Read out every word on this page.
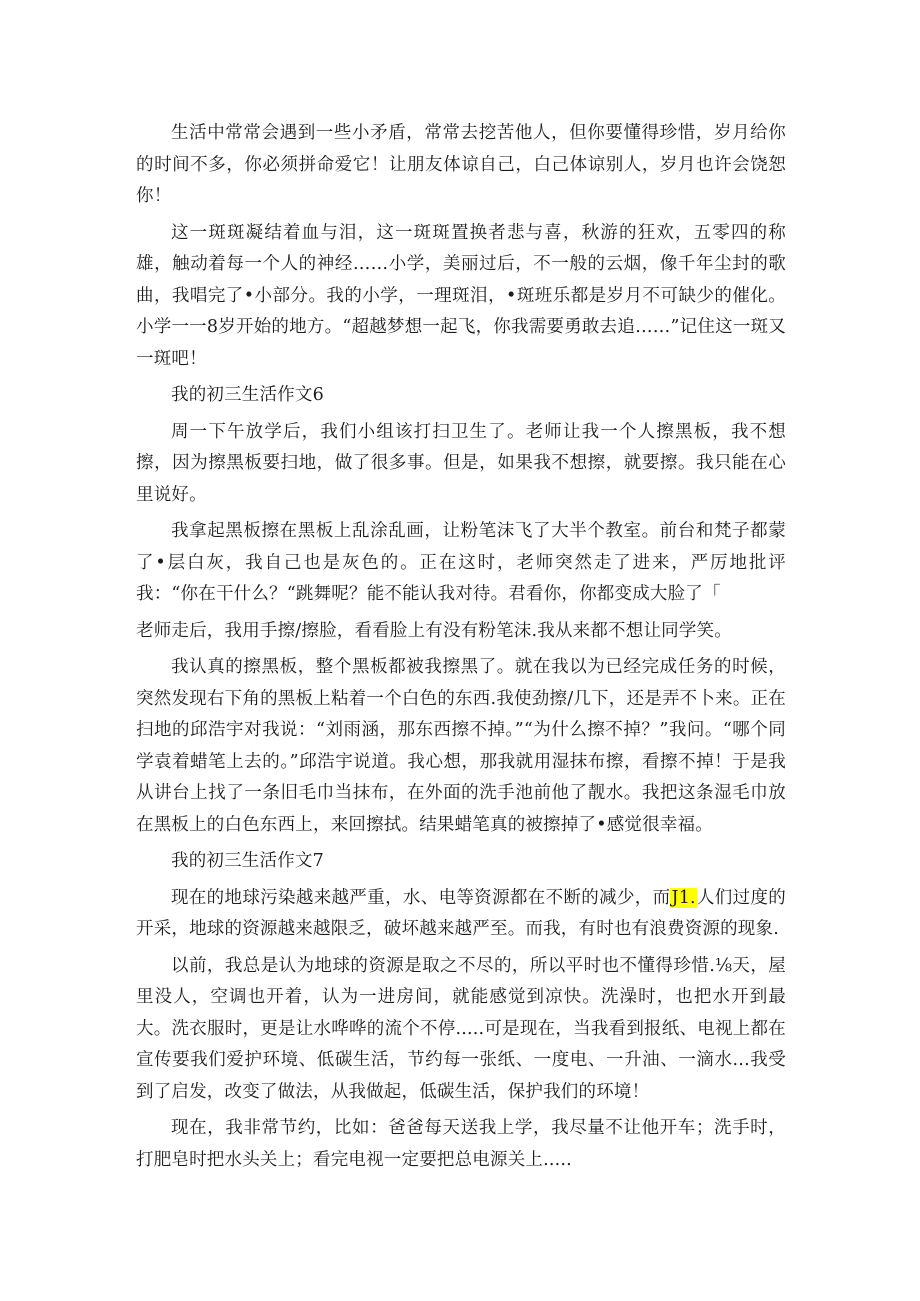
生活中常常会遇到一些小矛盾，常常去挖苦他人，但你要懂得珍惜，岁月给你的时间不多，你必须拼命爱它！让朋友体谅自己，白己体谅别人，岁月也许会饶恕你！

这一斑斑凝结着血与泪，这一斑斑置换者悲与喜，秋游的狂欢，五零四的称雄，触动着每一个人的神经……小学，美丽过后，不一般的云烟，像千年尘封的歌曲，我唱完了•小部分。我的小学，一理斑泪，•斑班乐都是岁月不可缺少的催化。小学一一8岁开始的地方。“超越梦想一起飞，你我需要勇敢去追……”记住这一斑又一斑吧！

我的初三生活作文6

周一下午放学后，我们小组该打扫卫生了。老师让我一个人擦黑板，我不想擦，因为擦黑板要扫地，做了很多事。但是，如果我不想擦，就要擦。我只能在心里说好。

我拿起黑板擦在黑板上乱涂乱画，让粉笔沫飞了大半个教室。前台和梵子都蒙了•层白灰，我自己也是灰色的。正在这时，老师突然走了进来，严厉地批评我：“你在干什么？“跳舞呢？能不能认我对待。君看你，你都变成大脸了「

老师走后，我用手擦/擦脸，看看脸上有没有粉笔沫.我从来都不想让同学笑。

我认真的擦黑板，整个黑板都被我擦黑了。就在我以为已经完成任务的时候，突然发现右下角的黑板上粘着一个白色的东西.我使劲擦/几下，还是弄不卜来。正在扫地的邱浩宇对我说：“刘雨涵，那东西擦不掉。”“为什么擦不掉？”我问。“哪个同学袁着蜡笔上去的。”邱浩宇说道。我心想，那我就用湿抹布擦，看擦不掉！于是我从讲台上找了一条旧毛巾当抹布，在外面的洗手池前他了靓水。我把这条湿毛巾放在黑板上的白色东西上，来回擦拭。结果蜡笔真的被擦掉了•感觉很幸福。

我的初三生活作文7

现在的地球污染越来越严重，水、电等资源都在不断的减少，而J1.人们过度的开采，地球的资源越来越限乏，破坏越来越严至。而我，有时也有浪费资源的现象.

以前，我总是认为地球的资源是取之不尽的，所以平时也不懂得珍惜.⅛天，屋里没人，空调也开着，认为一进房间，就能感觉到凉快。洗澡时，也把水开到最大。洗衣服时，更是让水哗哗的流个不停.....可是现在，当我看到报纸、电视上都在宣传要我们爱护环境、低碳生活，节约每一张纸、一度电、一升油、一滴水...我受到了启发，改变了做法，从我做起，低碳生活，保护我们的环境！

现在，我非常节约，比如：爸爸每天送我上学，我尽量不让他开车；洗手时，打肥皂时把水头关上；看完电视一定要把总电源关上.....
